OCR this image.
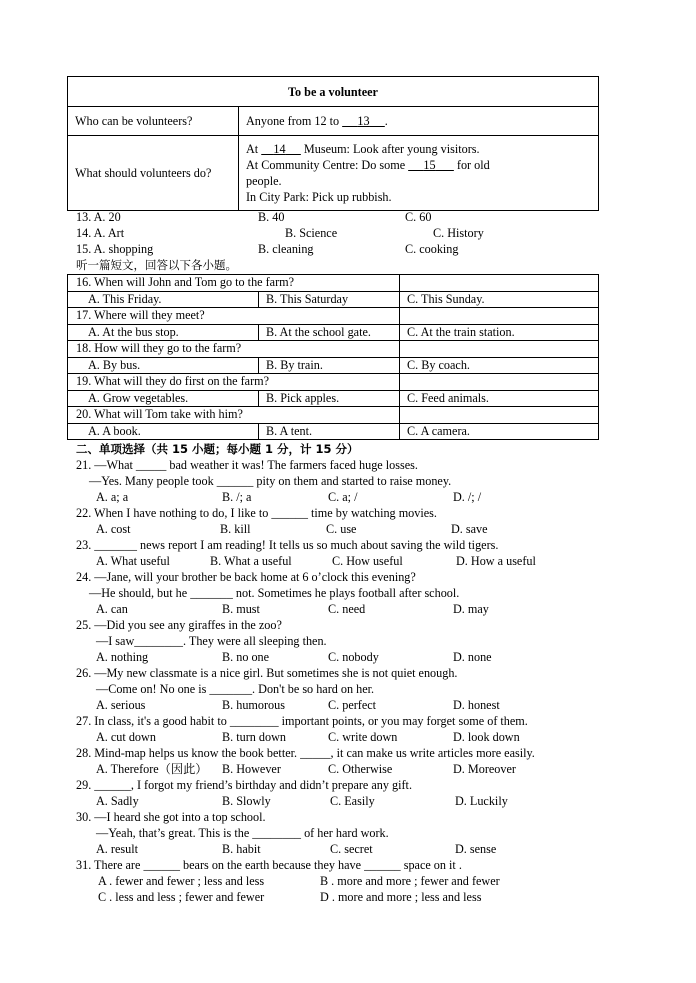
To be a volunteer	
Who can be volunteers?	Anyone from 12 to      13 .
What should volunteers do?	At     14      Museum: Look after young visitors.
At Community Centre: Do some      15       for old
people.
In City Park: Pick up rubbish.
13. A. 20	B. 40	C. 60
14. A. Art	B. Science	C. History
15. A. shopping	B. cleaning	C. cooking
听一篇短文，回答以下各小题。
16. When will John and Tom go to the farm?		
A. This Friday.	B. This Saturday	C. This Sunday.
17. Where will they meet?		
A. At the bus stop.	B. At the school gate.	C. At the train station.
18. How will they go to the farm?		
A. By bus.	B. By train.	C. By coach.
19. What will they do first on the farm?		
A. Grow vegetables.	B. Pick apples.	C. Feed animals.
20. What will Tom take with him?		
A. A book.	B. A tent.	C. A camera.
二、单项选择（共 15 小题；每小题 1 分，计 15 分）
21. —What _____ bad weather it was! The farmers faced huge losses.
—Yes. Many people took ______ pity on them and started to raise money.
A. a; a	B. /; a	C. a; /	D. /; /
22. When I have nothing to do, I like to ______ time by watching movies.
A. cost	B. kill	C. use	D. save
23. _______ news report I am reading! It tells us so much about saving the wild tigers.
A. What useful	B. What a useful	C. How useful	D. How a useful
24. —Jane, will your brother be back home at 6 o’clock this evening?
—He should, but he _______ not. Sometimes he plays football after school.
A. can	B. must	C. need	D. may
25. —Did you see any giraffes in the zoo?
—I saw________. They were all sleeping then.
A. nothing	B. no one	C. nobody	D. none
26. —My new classmate is a nice girl. But sometimes she is not quiet enough.
—Come on! No one is _______. Don't be so hard on her.
A. serious	B. humorous	C. perfect	D. honest
27. In class, it's a good habit to ________ important points, or you may forget some of them.
A. cut down	B. turn down	C. write down	D. look down
28. Mind-map helps us know the book better. _____, it can make us write articles more easily.
A. Therefore（因此） B. However	C. Otherwise	D. Moreover
29. ______, I forgot my friend’s birthday and didn’t prepare any gift.
A. Sadly	B. Slowly	C. Easily	D. Luckily
30. —I heard she got into a top school.
—Yeah, that’s great. This is the ________ of her hard work.
A. result	B. habit	C. secret	D. sense
31. There are ______ bears on the earth because they have ______ space on it .
A . fewer and fewer ; less and less	B . more and more ; fewer and fewer
C . less and less ; fewer and fewer	D . more and more ; less and less
